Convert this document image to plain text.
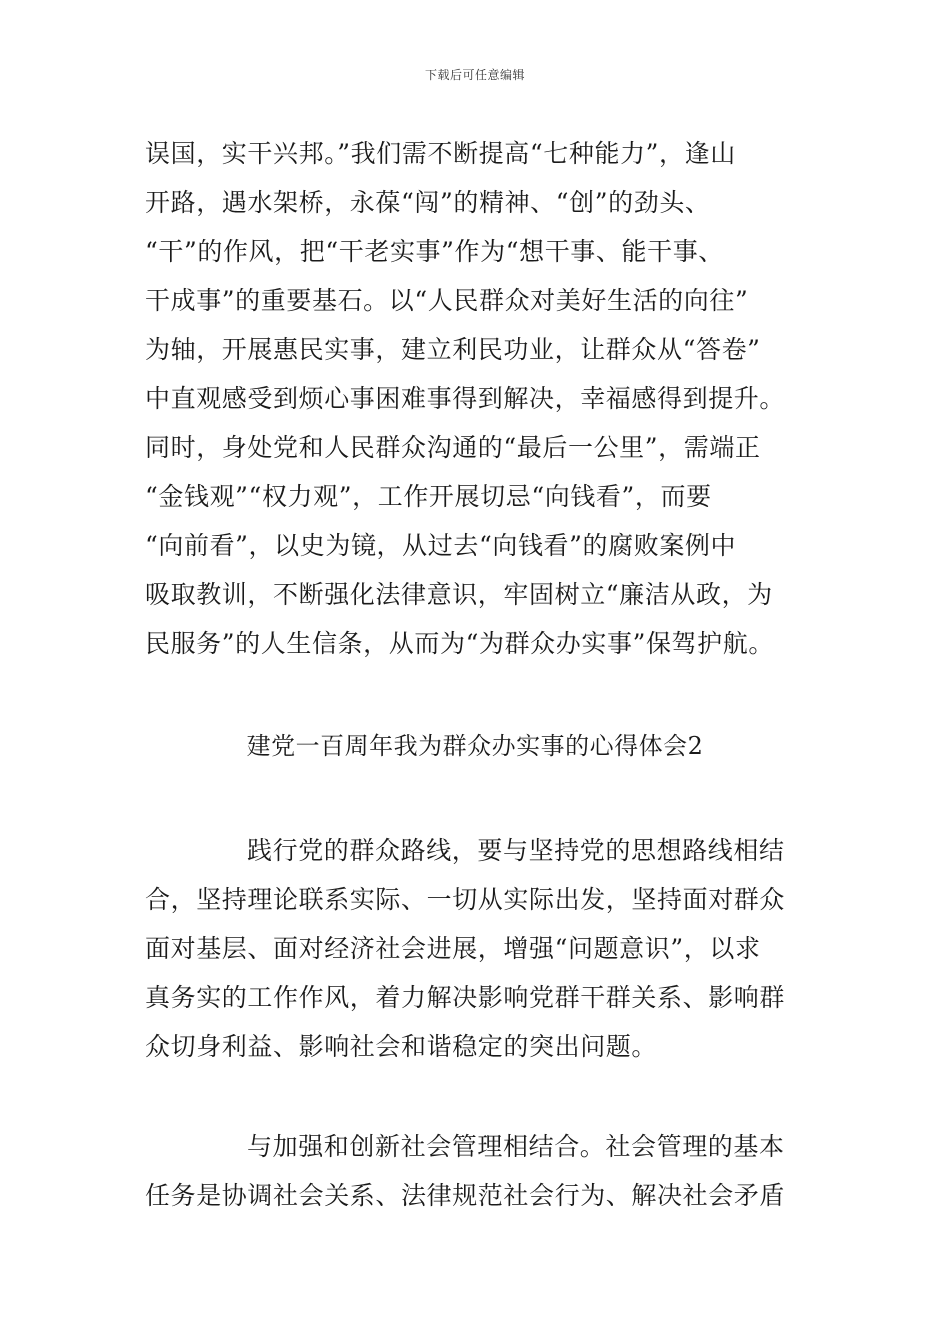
下载后可任意编辑
误国，实干兴邦。”我们需不断提高“七种能力”，逢山
开路，遇水架桥，永葆“闯”的精神、“创”的劲头、
“干”的作风，把“干老实事”作为“想干事、能干事、
干成事”的重要基石。以“人民群众对美好生活的向往”
为轴，开展惠民实事，建立利民功业，让群众从“答卷”
中直观感受到烦心事困难事得到解决，幸福感得到提升。
同时，身处党和人民群众沟通的“最后一公里”，需端正
“金钱观”“权力观”，工作开展切忌“向钱看”，而要
“向前看”，以史为镜，从过去“向钱看”的腐败案例中
吸取教训，不断强化法律意识，牢固树立“廉洁从政，为
民服务”的人生信条，从而为“为群众办实事”保驾护航。
建党一百周年我为群众办实事的心得体会2
践行党的群众路线，要与坚持党的思想路线相结
合，坚持理论联系实际、一切从实际出发，坚持面对群众
面对基层、面对经济社会进展，增强“问题意识”，以求
真务实的工作作风，着力解决影响党群干群关系、影响群
众切身利益、影响社会和谐稳定的突出问题。
与加强和创新社会管理相结合。社会管理的基本
任务是协调社会关系、法律规范社会行为、解决社会矛盾
